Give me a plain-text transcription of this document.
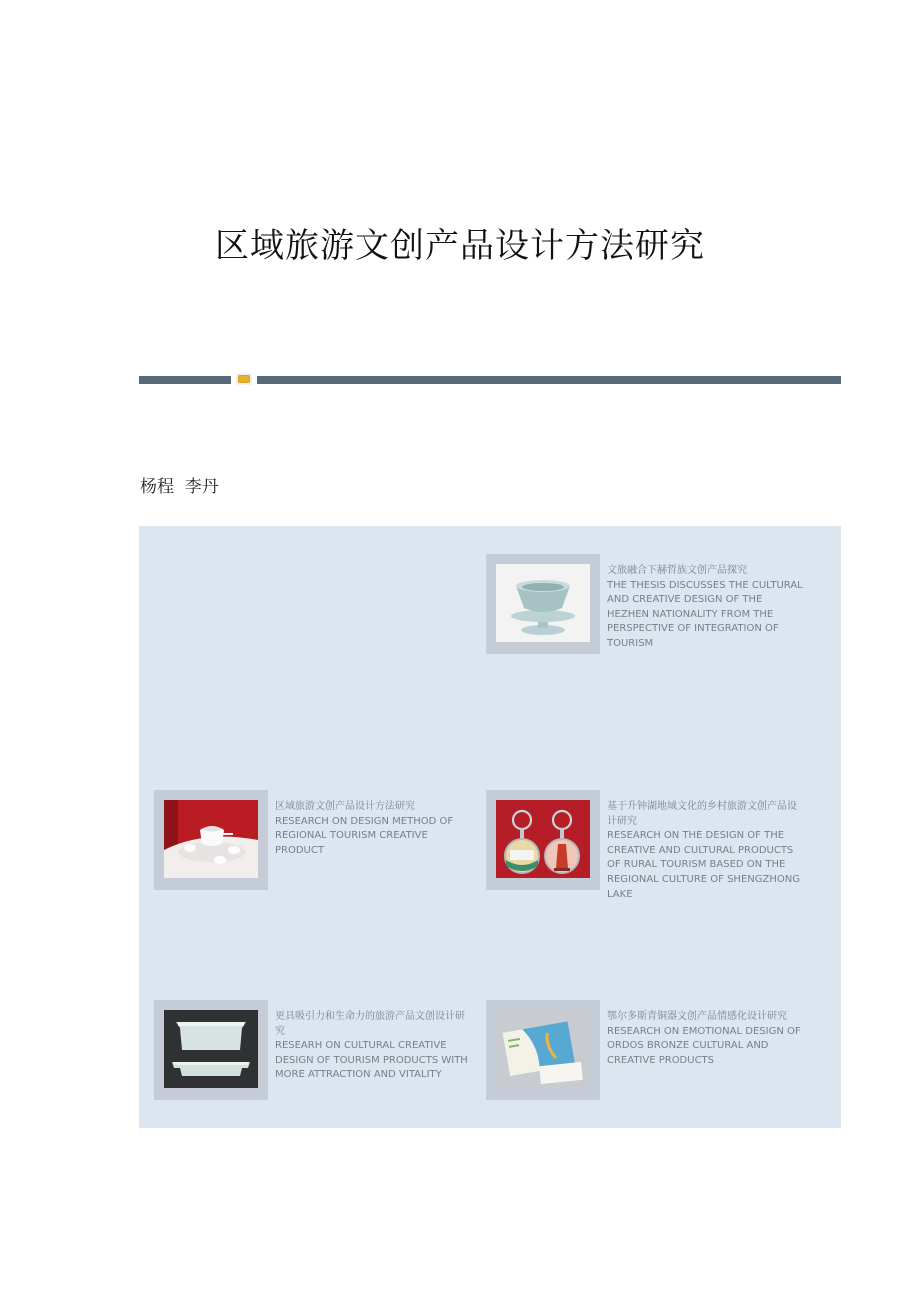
区域旅游文创产品设计方法研究
杨程  李丹
文旅融合下赫哲族文创产品探究
THE THESIS DISCUSSES THE CULTURAL AND CREATIVE DESIGN OF THE HEZHEN NATIONALITY FROM THE PERSPECTIVE OF INTEGRATION OF TOURISM
区域旅游文创产品设计方法研究
RESEARCH ON DESIGN METHOD OF REGIONAL TOURISM CREATIVE PRODUCT
基于升钟湖地域文化的乡村旅游文创产品设计研究
RESEARCH ON THE DESIGN OF THE CREATIVE AND CULTURAL PRODUCTS OF RURAL TOURISM BASED ON THE REGIONAL CULTURE OF SHENGZHONG LAKE
更具吸引力和生命力的旅游产品文创设计研究
RESEARH ON CULTURAL CREATIVE DESIGN OF TOURISM PRODUCTS WITH MORE ATTRACTION AND VITALITY
鄂尔多斯青铜器文创产品情感化设计研究
RESEARCH ON EMOTIONAL DESIGN OF ORDOS BRONZE CULTURAL AND CREATIVE PRODUCTS
